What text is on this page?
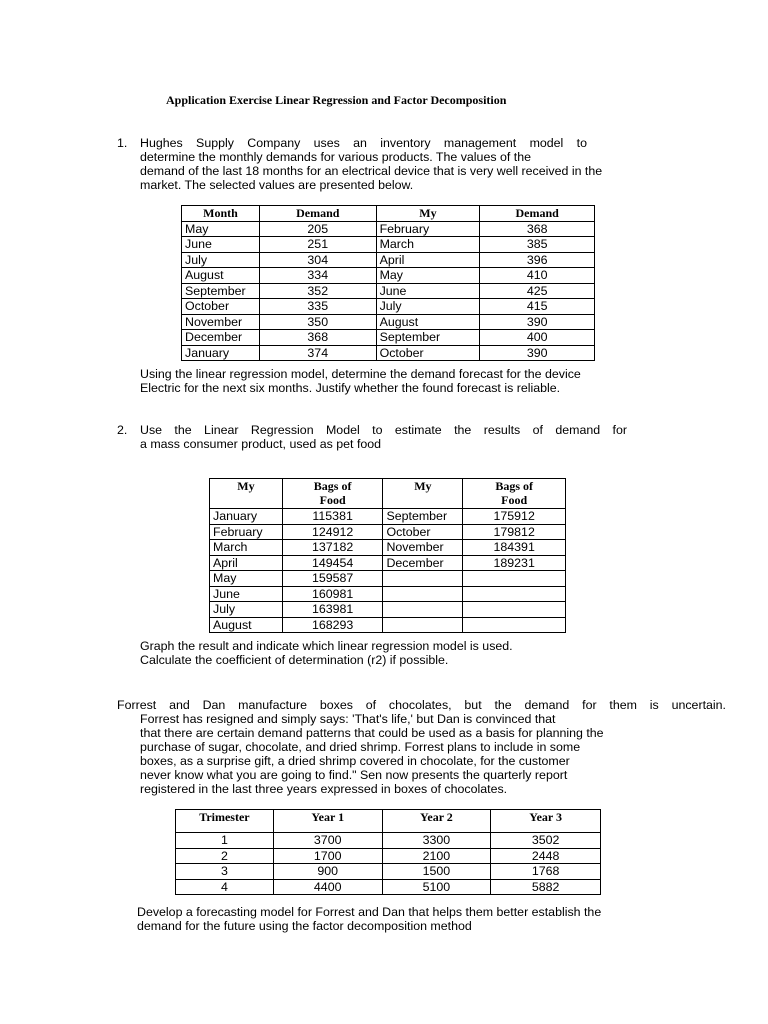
Application Exercise Linear Regression and Factor Decomposition
1. Hughes Supply Company uses an inventory management model to
determine the monthly demands for various products. The values of the
demand of the last 18 months for an electrical device that is very well received in the
market. The selected values are presented below.
Month	Demand	My	Demand
May	205	February	368
June	251	March	385
July	304	April	396
August	334	May	410
September	352	June	425
October	335	July	415
November	350	August	390
December	368	September	400
January	374	October	390
Using the linear regression model, determine the demand forecast for the device
Electric for the next six months. Justify whether the found forecast is reliable.
2. Use the Linear Regression Model to estimate the results of demand for
a mass consumer product, used as pet food
My	Bags of Food	My	Bags of Food

January	115381	September	175912
February	124912	October	179812
March	137182	November	184391
April	149454	December	189231
May	159587		
June	160981		
July	163981		
August	168293		
Graph the result and indicate which linear regression model is used.
Calculate the coefficient of determination (r2) if possible.
Forrest and Dan manufacture boxes of chocolates, but the demand for them is uncertain.
Forrest has resigned and simply says: 'That's life,' but Dan is convinced that
that there are certain demand patterns that could be used as a basis for planning the
purchase of sugar, chocolate, and dried shrimp. Forrest plans to include in some
boxes, as a surprise gift, a dried shrimp covered in chocolate, for the customer
never know what you are going to find." Sen now presents the quarterly report
registered in the last three years expressed in boxes of chocolates.
Trimester	Year 1	Year 2	Year 3
1	3700	3300	3502
2	1700	2100	2448
3	900	1500	1768
4	4400	5100	5882
Develop a forecasting model for Forrest and Dan that helps them better establish the
demand for the future using the factor decomposition method
